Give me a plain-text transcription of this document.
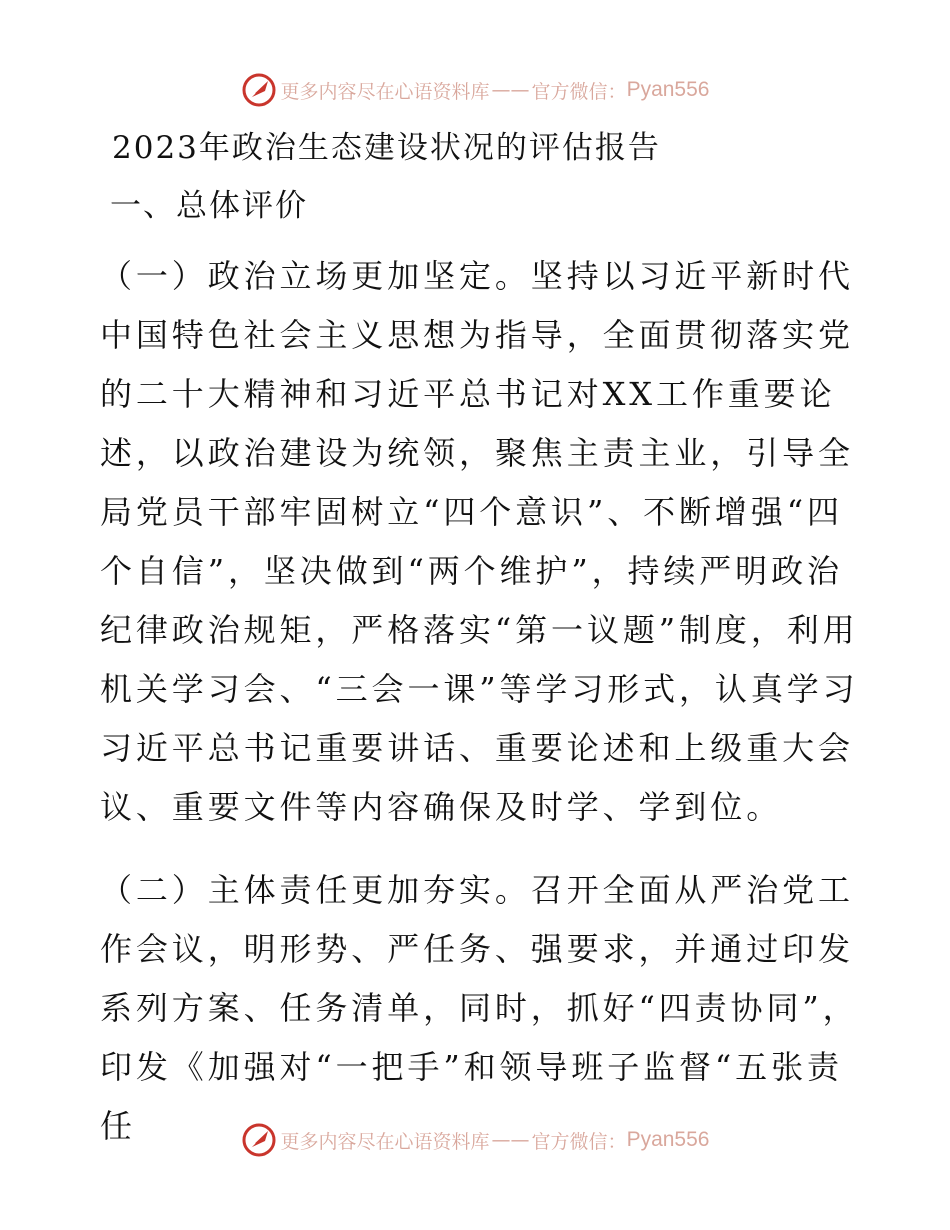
更多内容尽在心语资料库 —— 官方微信： Pyan556
2023年政治生态建设状况的评估报告
一、总体评价

（一）政治立场更加坚定。坚持以习近平新时代中国特色社会主义思想为指导，全面贯彻落实党的二十大精神和习近平总书记对XX工作重要论述，以政治建设为统领，聚焦主责主业，引导全局党员干部牢固树立“四个意识”、不断增强“四个自信”，坚决做到“两个维护”，持续严明政治纪律政治规矩，严格落实“第一议题”制度，利用机关学习会、“三会一课”等学习形式，认真学习习近平总书记重要讲话、重要论述和上级重大会议、重要文件等内容确保及时学、学到位。

（二）主体责任更加夯实。召开全面从严治党工作会议，明形势、严任务、强要求，并通过印发系列方案、任务清单，同时，抓好“四责协同”，印发《加强对“一把手”和领导班子监督“五张责任	更多内容尽在心语资料库 —— 官方微信： Pyan556
